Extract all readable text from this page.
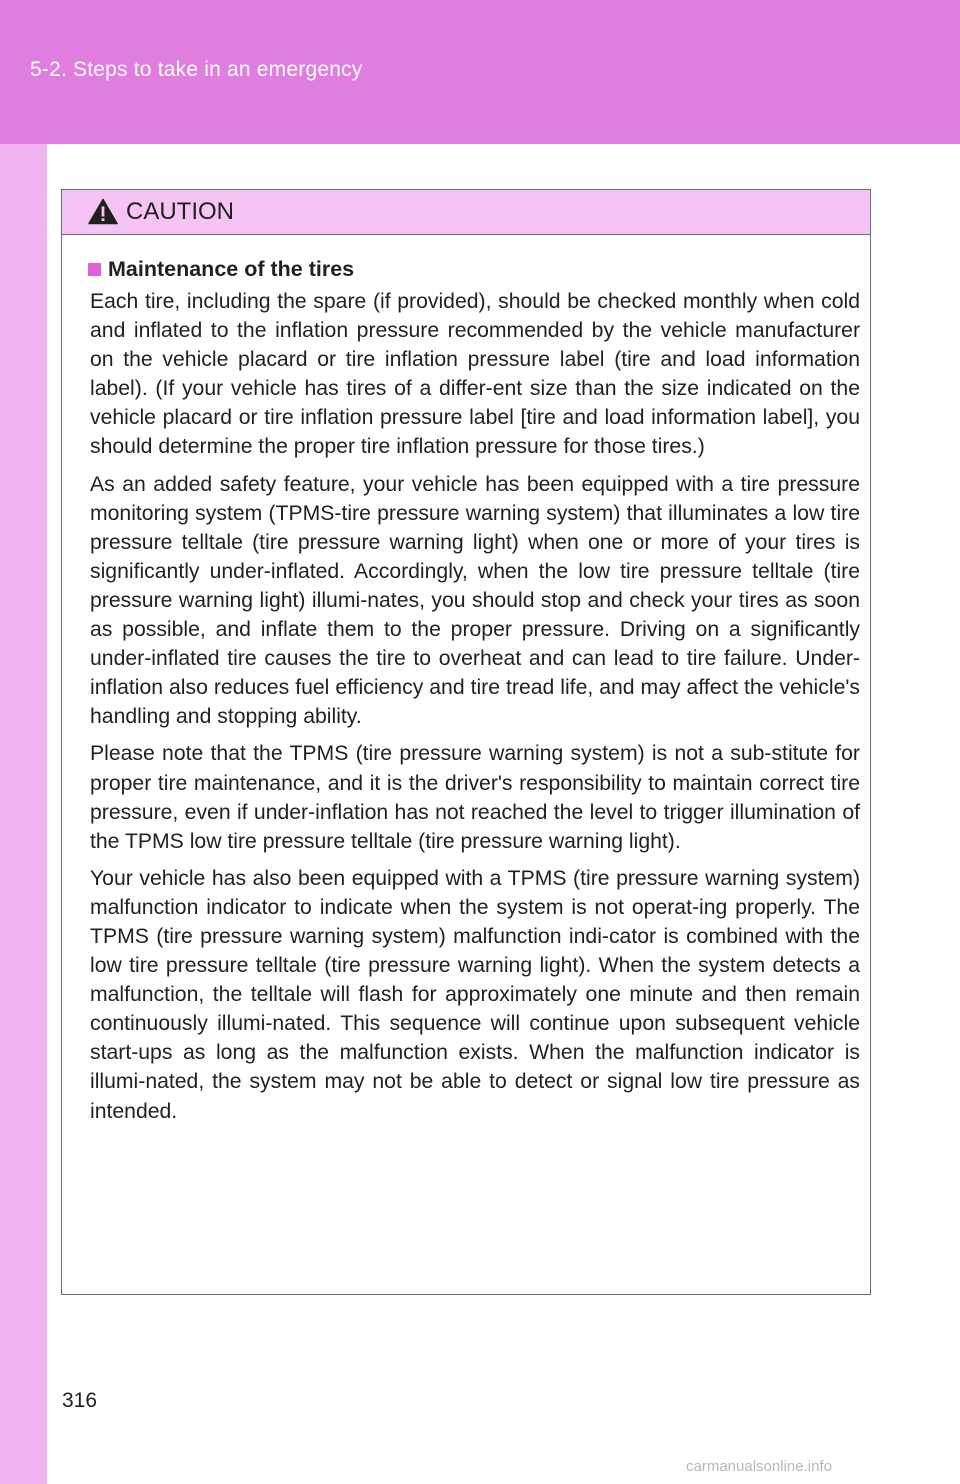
5-2. Steps to take in an emergency
CAUTION
Maintenance of the tires

Each tire, including the spare (if provided), should be checked monthly when cold and inflated to the inflation pressure recommended by the vehicle manufacturer on the vehicle placard or tire inflation pressure label (tire and load information label). (If your vehicle has tires of a differ-ent size than the size indicated on the vehicle placard or tire inflation pressure label [tire and load information label], you should determine the proper tire inflation pressure for those tires.)

As an added safety feature, your vehicle has been equipped with a tire pressure monitoring system (TPMS-tire pressure warning system) that illuminates a low tire pressure telltale (tire pressure warning light) when one or more of your tires is significantly under-inflated. Accordingly, when the low tire pressure telltale (tire pressure warning light) illumi-nates, you should stop and check your tires as soon as possible, and inflate them to the proper pressure. Driving on a significantly under-inflated tire causes the tire to overheat and can lead to tire failure. Under-inflation also reduces fuel efficiency and tire tread life, and may affect the vehicle's handling and stopping ability.

Please note that the TPMS (tire pressure warning system) is not a sub-stitute for proper tire maintenance, and it is the driver's responsibility to maintain correct tire pressure, even if under-inflation has not reached the level to trigger illumination of the TPMS low tire pressure telltale (tire pressure warning light).

Your vehicle has also been equipped with a TPMS (tire pressure warning system) malfunction indicator to indicate when the system is not operat-ing properly. The TPMS (tire pressure warning system) malfunction indi-cator is combined with the low tire pressure telltale (tire pressure warning light). When the system detects a malfunction, the telltale will flash for approximately one minute and then remain continuously illumi-nated. This sequence will continue upon subsequent vehicle start-ups as long as the malfunction exists. When the malfunction indicator is illumi-nated, the system may not be able to detect or signal low tire pressure as intended.

316
carmanualsonline.info
